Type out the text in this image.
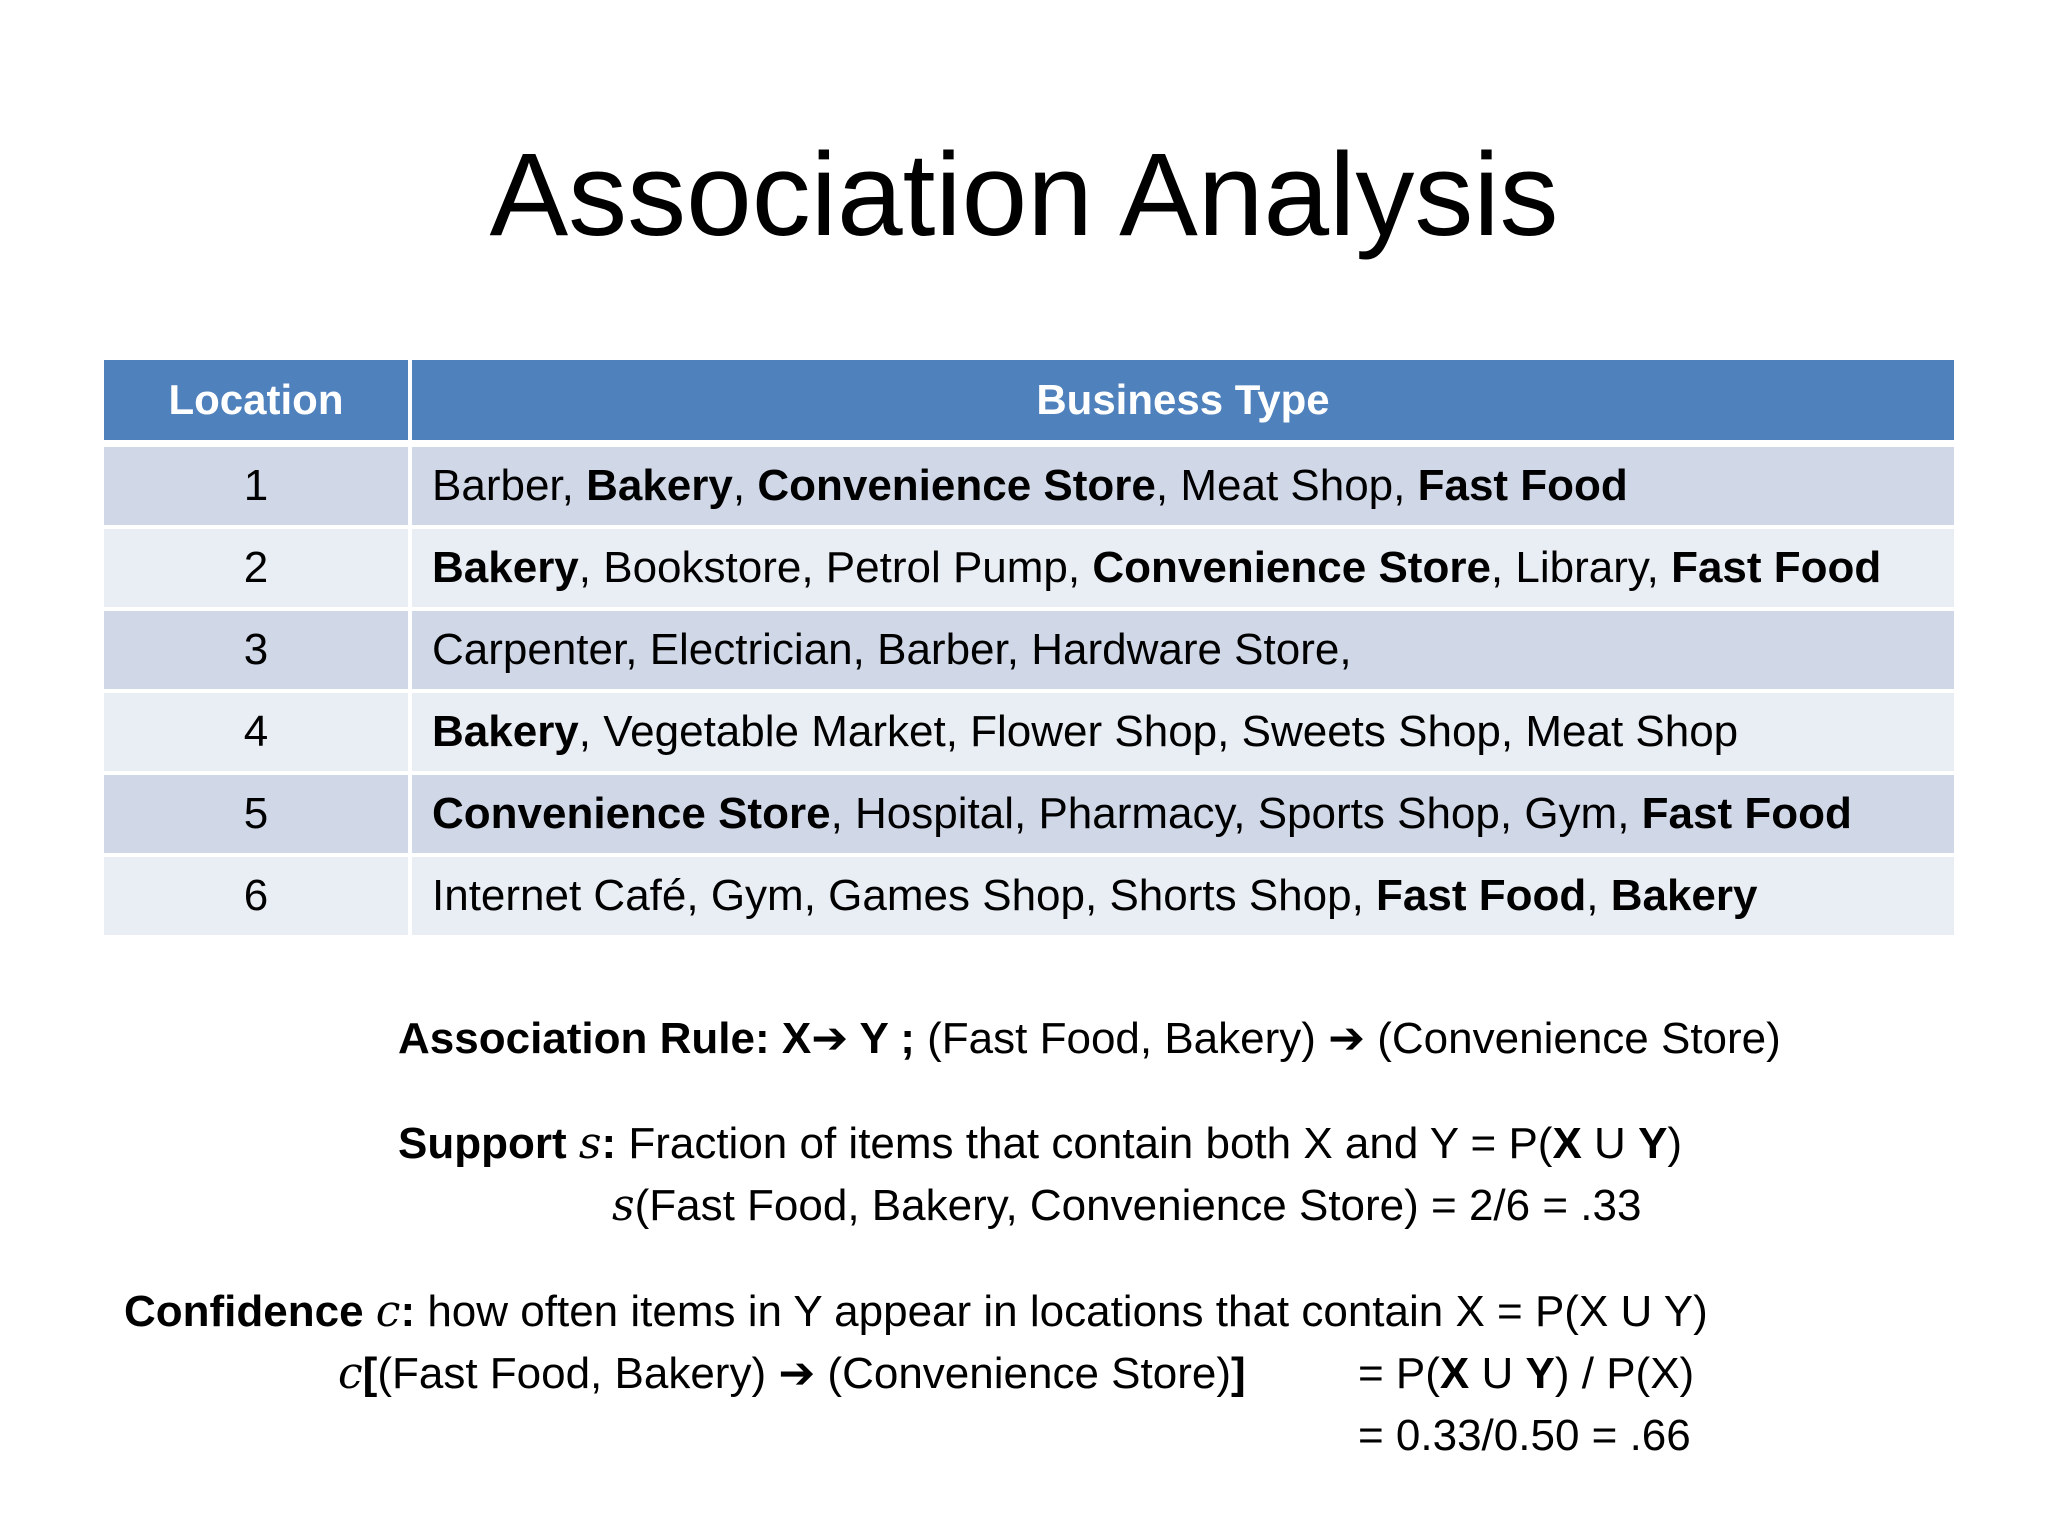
Association Analysis
Location	Business Type
1	Barber, Bakery, Convenience Store, Meat Shop, Fast Food
2	Bakery, Bookstore, Petrol Pump, Convenience Store, Library, Fast Food
3	Carpenter, Electrician, Barber, Hardware Store,
4	Bakery, Vegetable Market, Flower Shop, Sweets Shop, Meat Shop
5	Convenience Store, Hospital, Pharmacy, Sports Shop, Gym, Fast Food
6	Internet Café, Gym, Games Shop, Shorts Shop, Fast Food, Bakery
Association Rule: X➔ Y ; (Fast Food, Bakery) ➔ (Convenience Store)
Support s: Fraction of items that contain both X and Y = P(X U Y)
s(Fast Food, Bakery, Convenience Store) = 2/6 = .33
Confidence c: how often items in Y appear in locations that contain X = P(X U Y)
c[(Fast Food, Bakery) ➔ (Convenience Store)]	= P(X U Y) / P(X)
= 0.33/0.50 = .66
